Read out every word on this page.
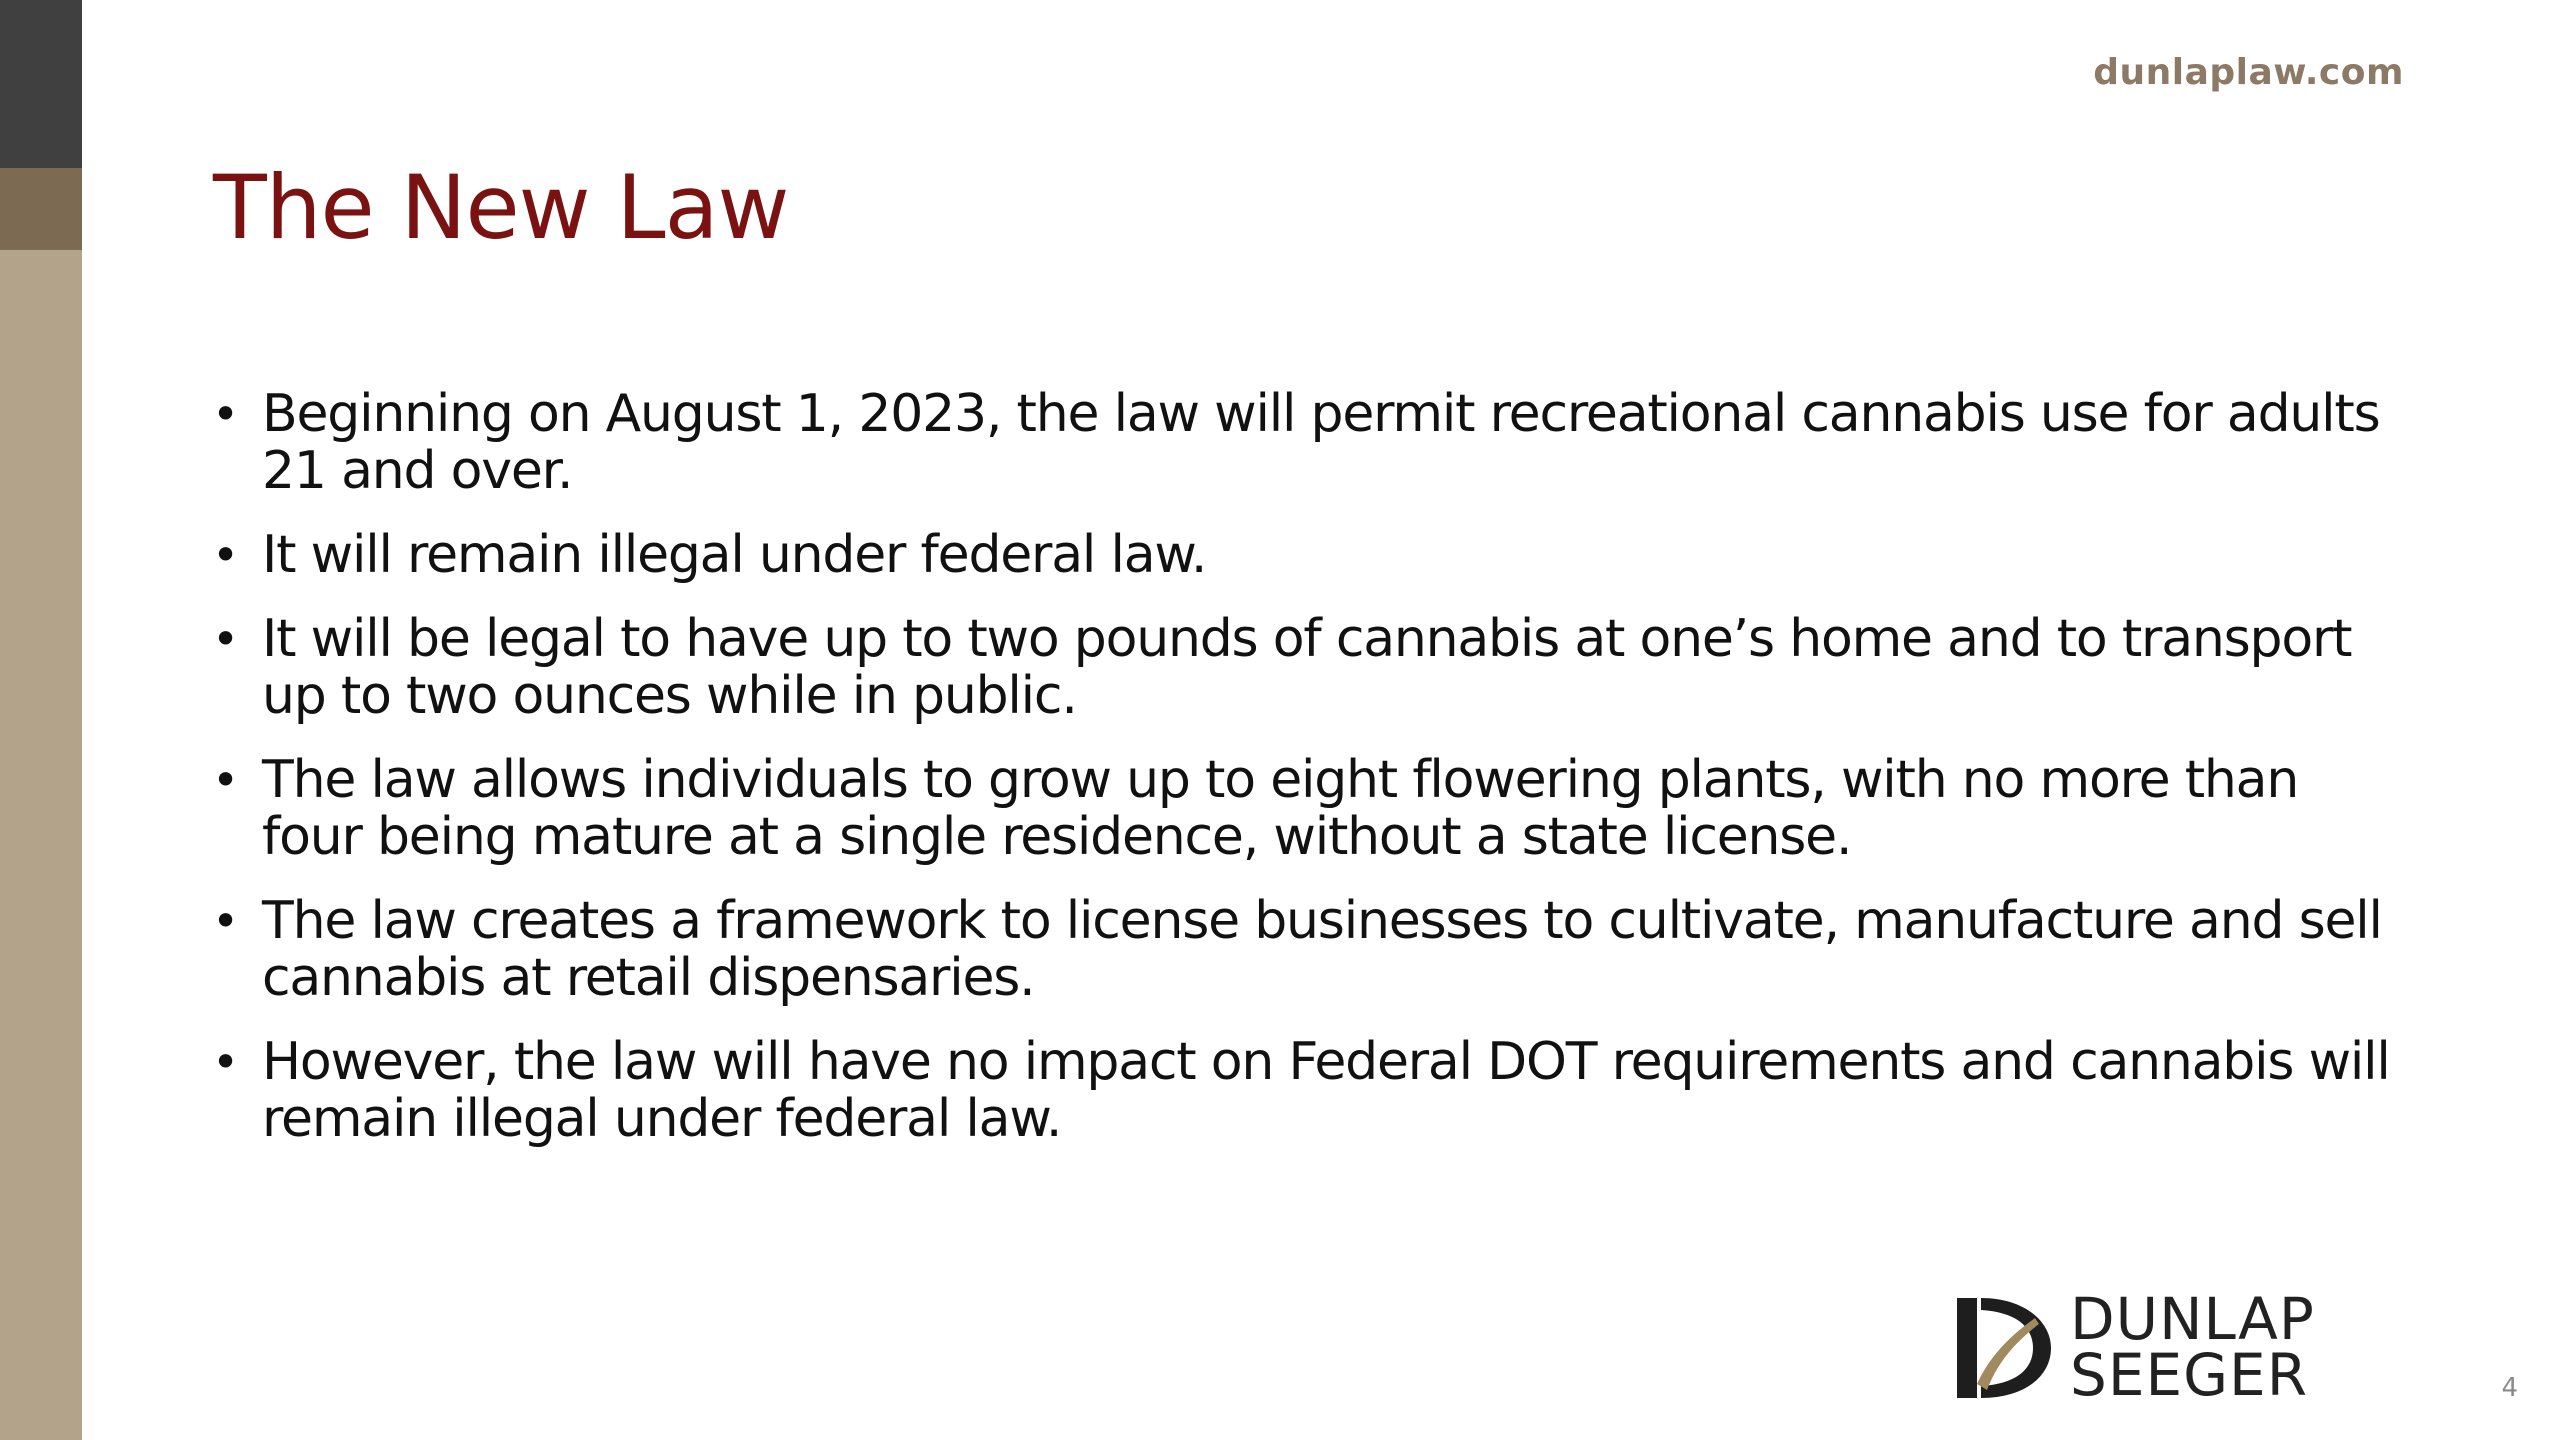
dunlaplaw.com
The New Law
• Beginning on August 1, 2023, the law will permit recreational cannabis use for adults 21 and over.
• It will remain illegal under federal law.
• It will be legal to have up to two pounds of cannabis at one’s home and to transport up to two ounces while in public.
• The law allows individuals to grow up to eight flowering plants, with no more than four being mature at a single residence, without a state license.
• The law creates a framework to license businesses to cultivate, manufacture and sell cannabis at retail dispensaries.
• However, the law will have no impact on Federal DOT requirements and cannabis will remain illegal under federal law.
DUNLAP
SEEGER	4
